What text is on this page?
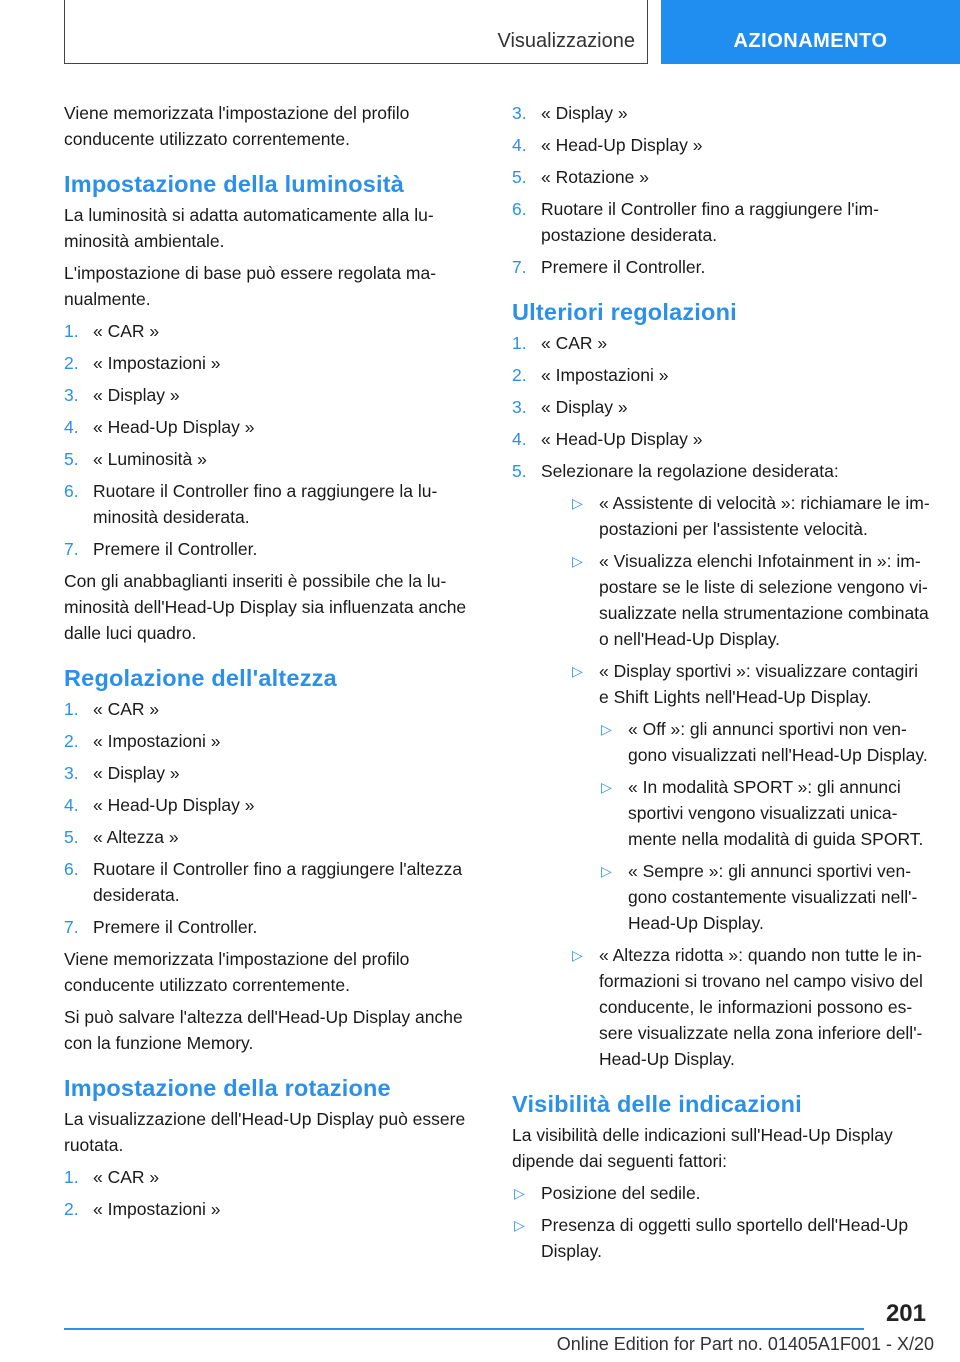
Visualizzazione	AZIONAMENTO

Viene memorizzata l'impostazione del profilo conducente utilizzato correntemente.

Impostazione della luminosità

La luminosità si adatta automaticamente alla luminosità ambientale.

L'impostazione di base può essere regolata manualmente.

1. « CAR »
2. « Impostazioni »
3. « Display »
4. « Head-Up Display »
5. « Luminosità »
6. Ruotare il Controller fino a raggiungere la luminosità desiderata.
7. Premere il Controller.

Con gli anabbaglianti inseriti è possibile che la luminosità dell'Head-Up Display sia influenzata anche dalle luci quadro.

Regolazione dell'altezza
1. « CAR »
2. « Impostazioni »
3. « Display »
4. « Head-Up Display »
5. « Altezza »
6. Ruotare il Controller fino a raggiungere l'altezza desiderata.
7. Premere il Controller.

Viene memorizzata l'impostazione del profilo conducente utilizzato correntemente.

Si può salvare l'altezza dell'Head-Up Display anche con la funzione Memory.

Impostazione della rotazione

La visualizzazione dell'Head-Up Display può essere ruotata.

1. « CAR »
2. « Impostazioni »
3. « Display »
4. « Head-Up Display »
5. « Rotazione »
6. Ruotare il Controller fino a raggiungere l'impostazione desiderata.
7. Premere il Controller.
Ulteriori regolazioni
1. « CAR »
2. « Impostazioni »
3. « Display »
4. « Head-Up Display »
5. Selezionare la regolazione desiderata:
▷ « Assistente di velocità »: richiamare le impostazioni per l'assistente velocità.
▷ « Visualizza elenchi Infotainment in »: impostare se le liste di selezione vengono visualizzate nella strumentazione combinata o nell'Head-Up Display.
▷ « Display sportivi »: visualizzare contagiri e Shift Lights nell'Head-Up Display.
▷ « Off »: gli annunci sportivi non vengono visualizzati nell'Head-Up Display.
▷ « In modalità SPORT »: gli annunci sportivi vengono visualizzati unicamente nella modalità di guida SPORT.
▷ « Sempre »: gli annunci sportivi vengono costantemente visualizzati nell'Head-Up Display.
▷ « Altezza ridotta »: quando non tutte le informazioni si trovano nel campo visivo del conducente, le informazioni possono essere visualizzate nella zona inferiore dell'Head-Up Display.
Visibilità delle indicazioni

La visibilità delle indicazioni sull'Head-Up Display dipende dai seguenti fattori:

▷ Posizione del sedile.
▷ Presenza di oggetti sullo sportello dell'Head-Up Display.
201
Online Edition for Part no. 01405A1F001 - X/20
